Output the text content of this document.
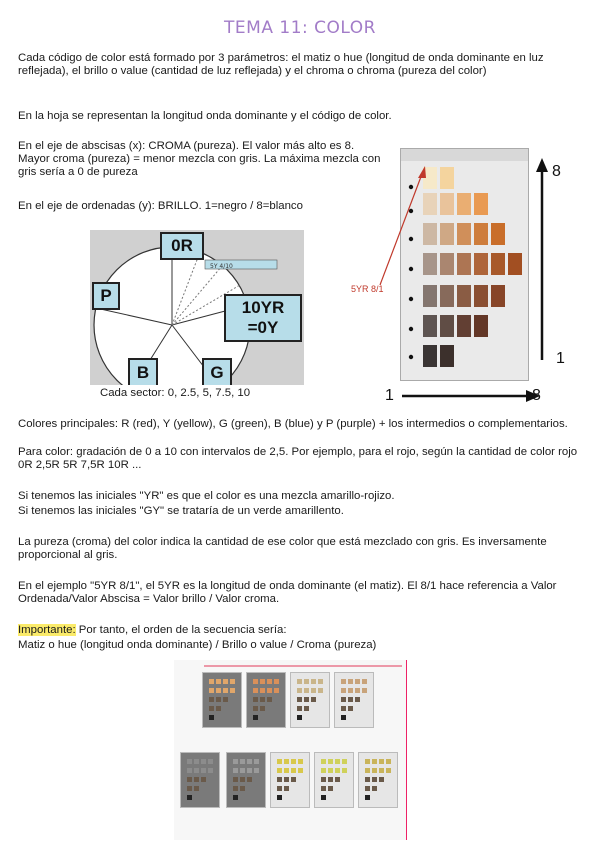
TEMA 11: COLOR

Cada código de color está formado por 3 parámetros: el matiz o hue (longitud de onda dominante en luz reflejada), el brillo o value (cantidad de luz reflejada) y el chroma o chroma (pureza del color)

En la hoja se representan la longitud onda dominante y el código de color.

En el eje de abscisas (x): CROMA (pureza). El valor más alto es 8. Mayor croma (pureza) = menor mezcla con gris. La máxima mezcla con gris sería a 0 de pureza

En el eje de ordenadas (y): BRILLO. 1=negro / 8=blanco

5Y 4/10
0R
P
10YR
=0Y
B	G
Cada sector: 0, 2.5, 5, 7.5, 10
5YR 8/1
8
1
1	8

Colores principales: R (red), Y (yellow), G (green), B (blue) y P (purple) + los intermedios o complementarios.

Para color: gradación de 0 a 10 con intervalos de 2,5. Por ejemplo, para el rojo, según la cantidad de color rojo 0R 2,5R 5R 7,5R 10R ...

Si tenemos las iniciales "YR" es que el color es una mezcla amarillo-rojizo.

Si tenemos las iniciales "GY" se trataría de un verde amarillento.

La pureza (croma) del color indica la cantidad de ese color que está mezclado con gris. Es inversamente proporcional al gris.

En el ejemplo "5YR 8/1", el 5YR es la longitud de onda dominante (el matiz). El 8/1 hace referencia a Valor Ordenada/Valor Abscisa = Valor brillo / Valor croma.

Importante: Por tanto, el orden de la secuencia sería:

Matiz o hue (longitud onda dominante) / Brillo o value / Croma (pureza)
